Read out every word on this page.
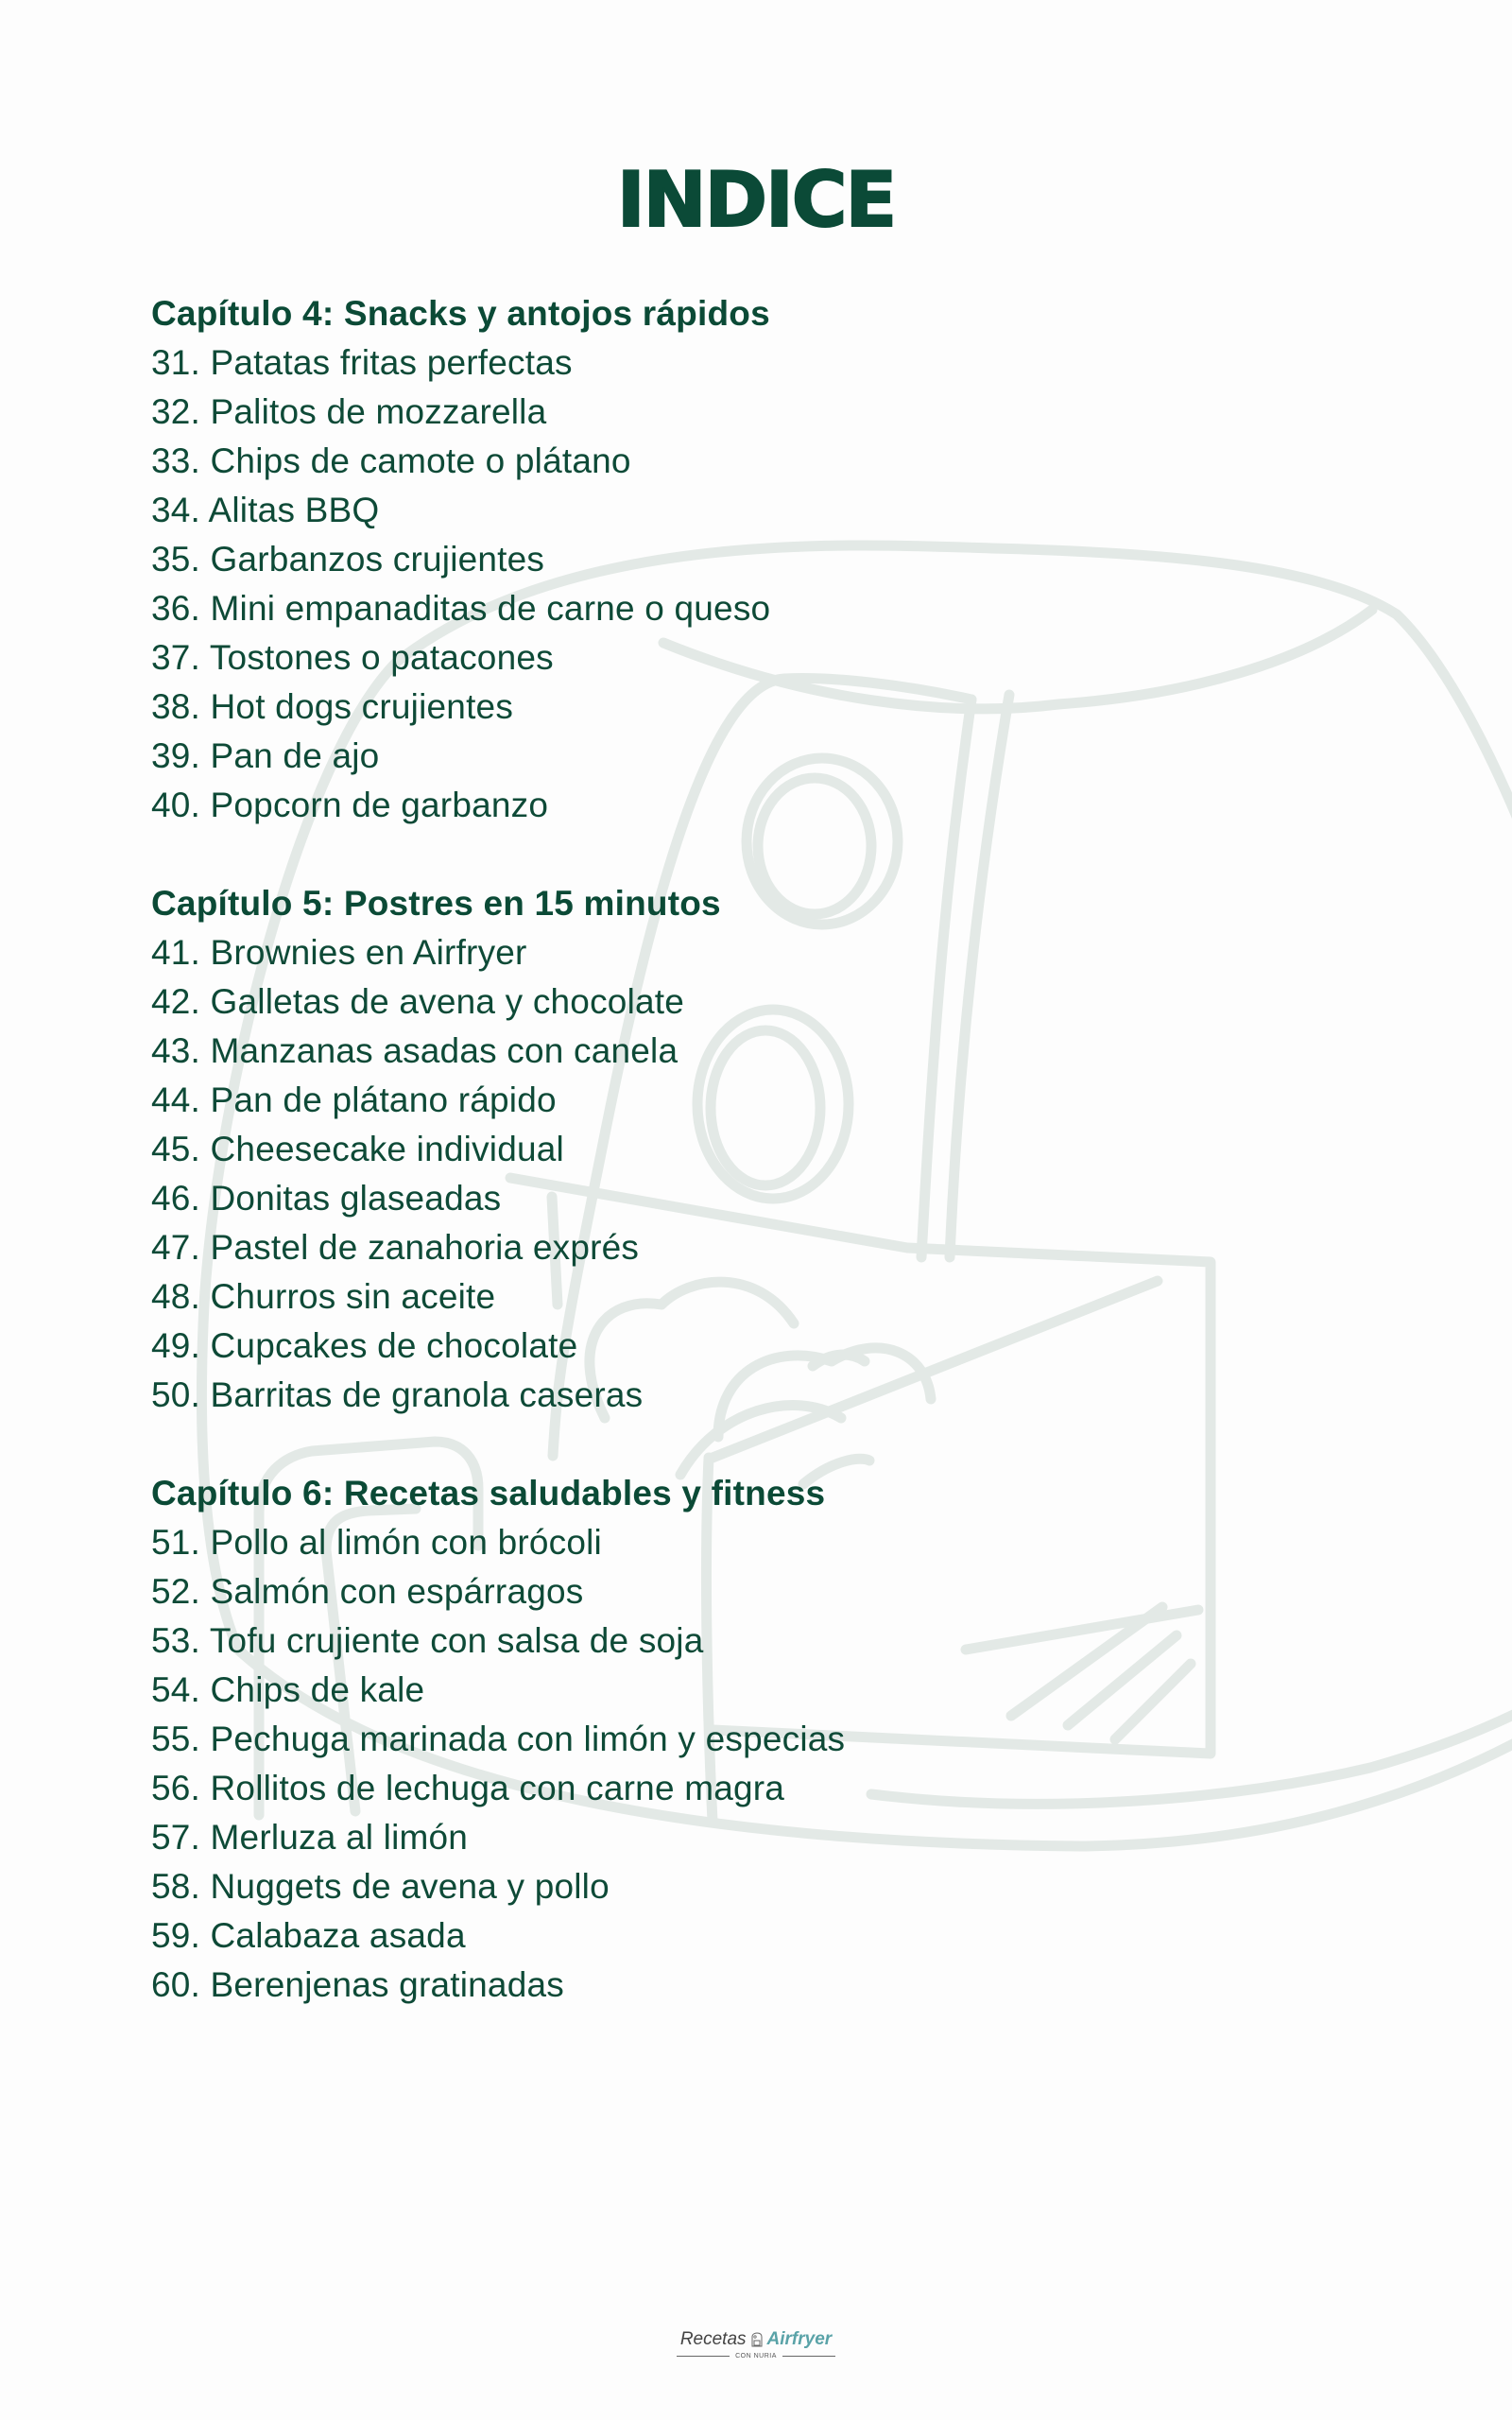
INDICE
Capítulo 4: Snacks y antojos rápidos
31. Patatas fritas perfectas
32. Palitos de mozzarella
33. Chips de camote o plátano
34. Alitas BBQ
35. Garbanzos crujientes
36. Mini empanaditas de carne o queso
37. Tostones o patacones
38. Hot dogs crujientes
39. Pan de ajo
40. Popcorn de garbanzo
Capítulo 5: Postres en 15 minutos
41. Brownies en Airfryer
42. Galletas de avena y chocolate
43. Manzanas asadas con canela
44. Pan de plátano rápido
45. Cheesecake individual
46. Donitas glaseadas
47. Pastel de zanahoria exprés
48. Churros sin aceite
49. Cupcakes de chocolate
50. Barritas de granola caseras
Capítulo 6: Recetas saludables y fitness
51. Pollo al limón con brócoli
52. Salmón con espárragos
53. Tofu crujiente con salsa de soja
54. Chips de kale
55. Pechuga marinada con limón y especias
56. Rollitos de lechuga con carne magra
57. Merluza al limón
58. Nuggets de avena y pollo
59. Calabaza asada
60. Berenjenas gratinadas
Recetas Airfryer
CON NURIA
